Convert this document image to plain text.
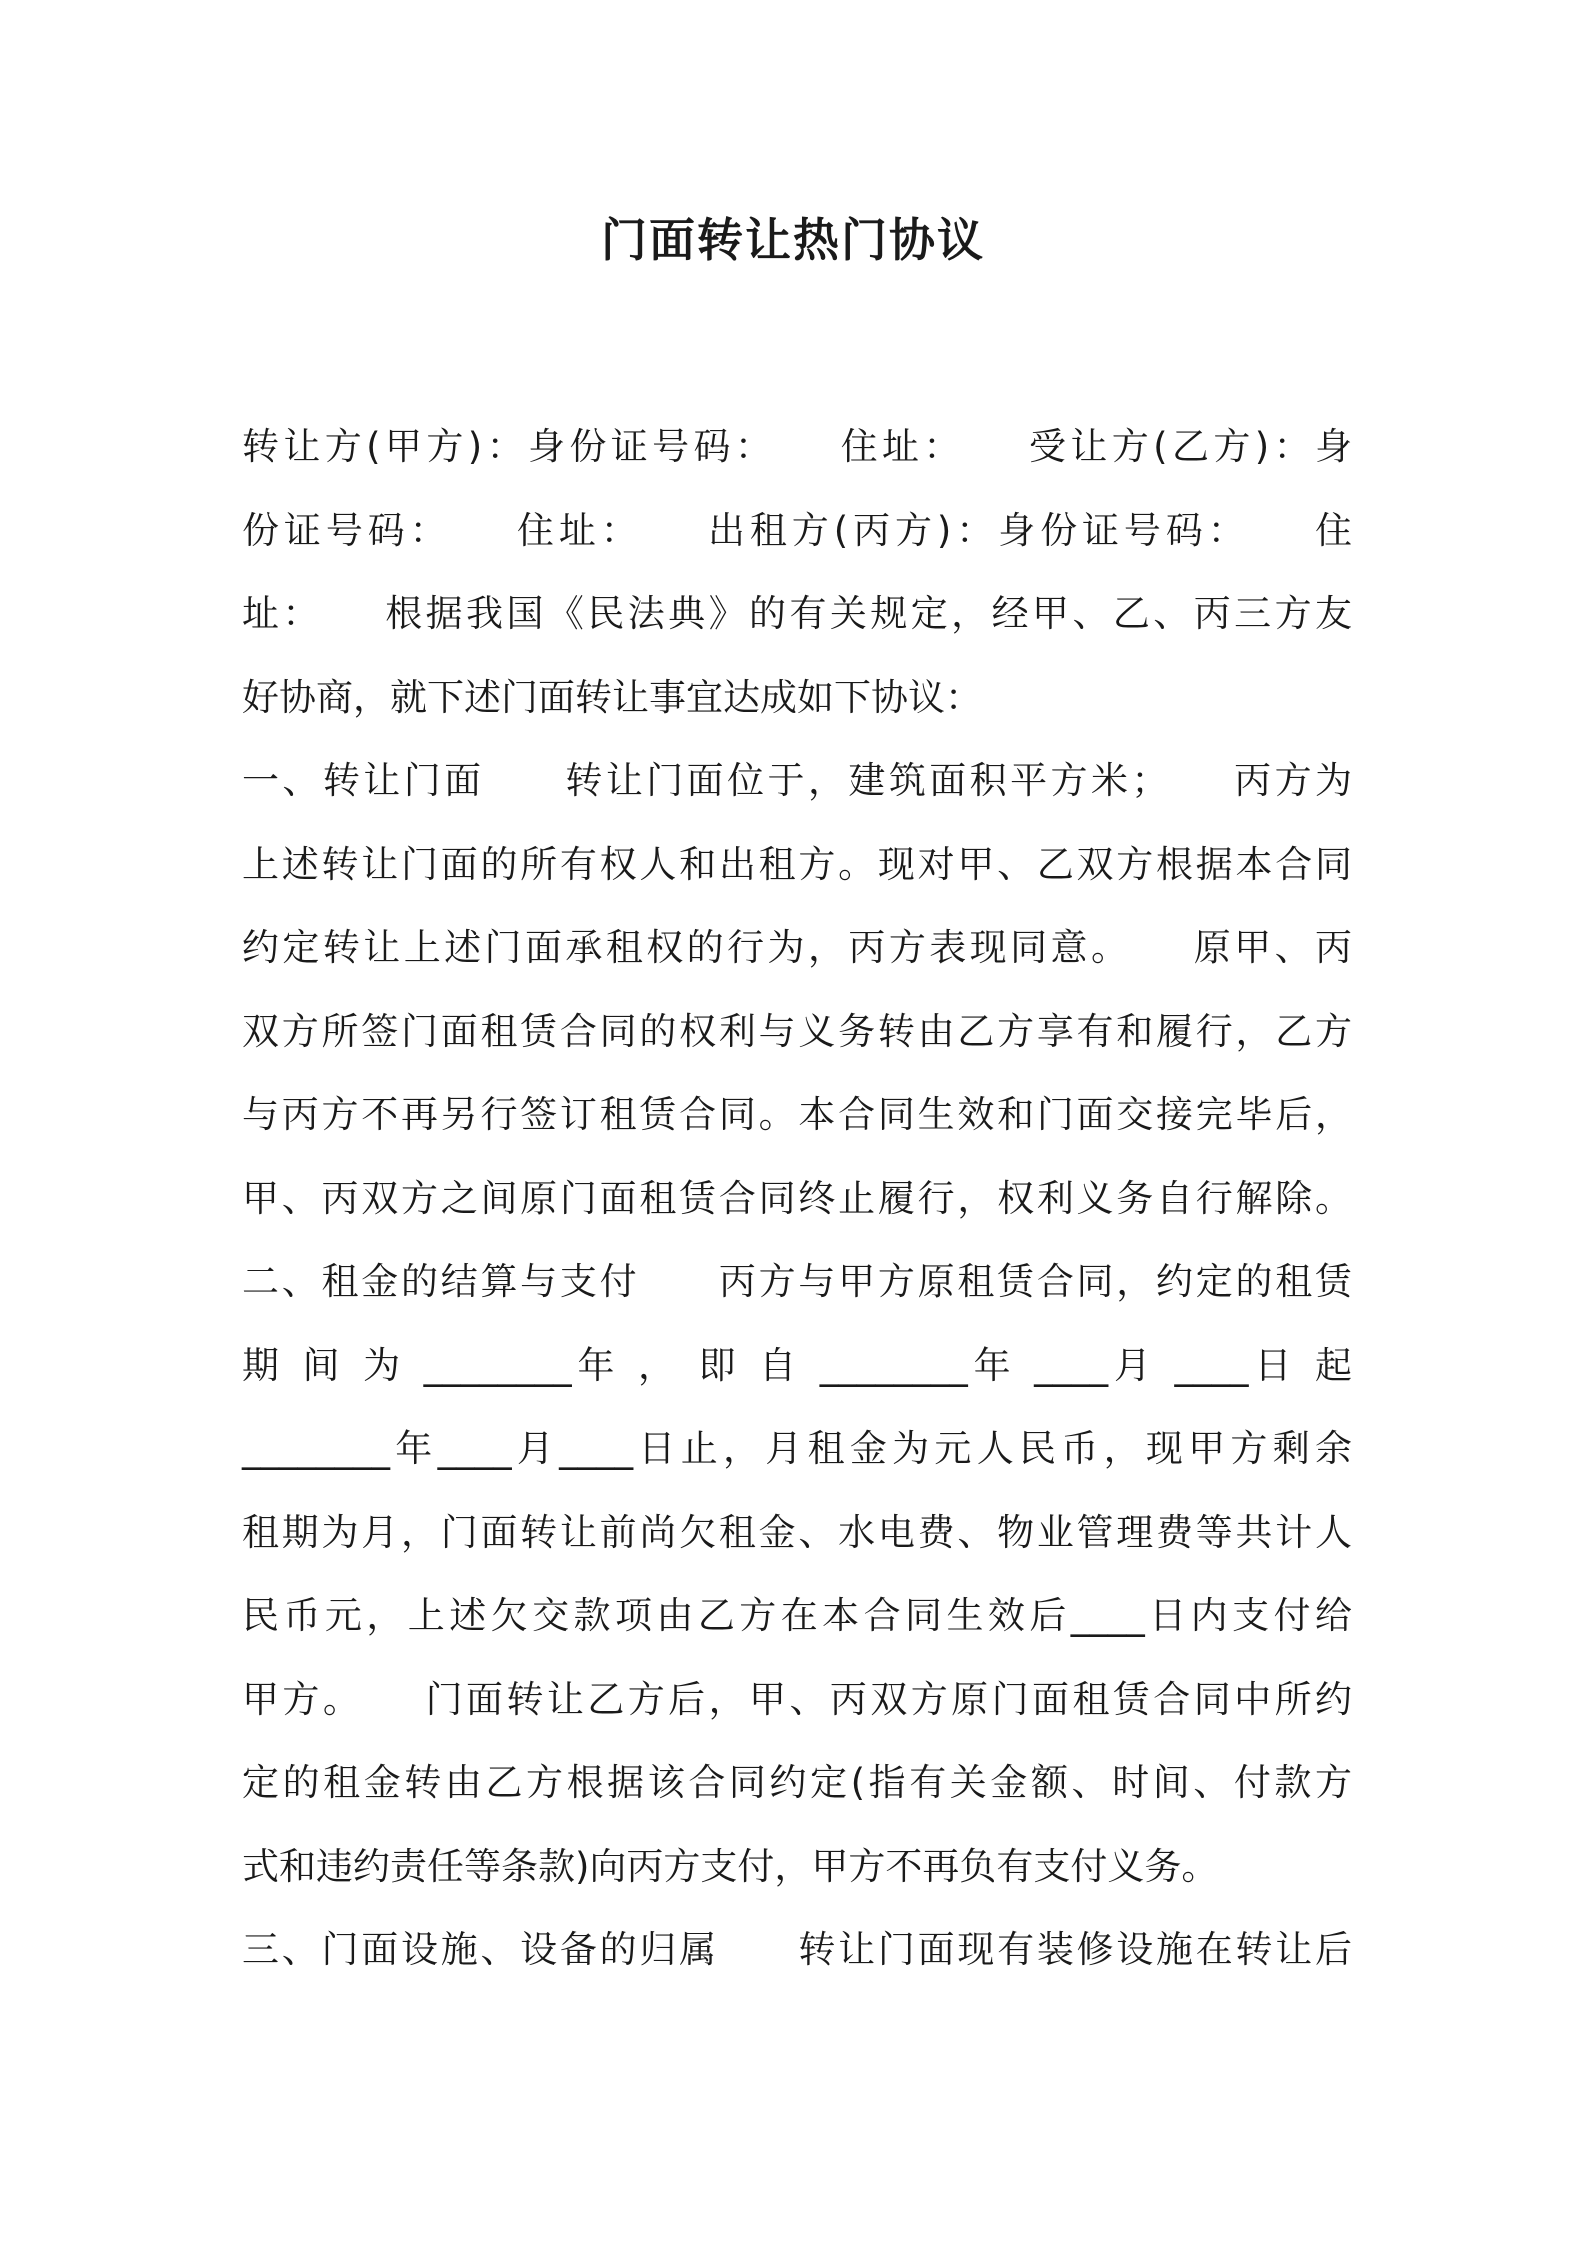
门面转让热门协议
转让方(甲方)：身份证号码：　　住址：　　受让方(乙方)：身
份证号码：　　住址：　　出租方(丙方)：身份证号码：　　住
址：　　根据我国《民法典》的有关规定，经甲、乙、丙三方友
好协商，就下述门面转让事宜达成如下协议：
一、转让门面　　转让门面位于，建筑面积平方米；　　丙方为
上述转让门面的所有权人和出租方。现对甲、乙双方根据本合同
约定转让上述门面承租权的行为，丙方表现同意。　　原甲、丙
双方所签门面租赁合同的权利与义务转由乙方享有和履行，乙方
与丙方不再另行签订租赁合同。本合同生效和门面交接完毕后，
甲、丙双方之间原门面租赁合同终止履行，权利义务自行解除。
二、租金的结算与支付　　丙方与甲方原租赁合同，约定的租赁
期 间 为 ________年 ， 即 自 ________年 ____月 ____日 起
________年____月____日止，月租金为元人民币，现甲方剩余
租期为月，门面转让前尚欠租金、水电费、物业管理费等共计人
民币元，上述欠交款项由乙方在本合同生效后____日内支付给
甲方。　　门面转让乙方后，甲、丙双方原门面租赁合同中所约
定的租金转由乙方根据该合同约定(指有关金额、时间、付款方
式和违约责任等条款)向丙方支付，甲方不再负有支付义务。
三、门面设施、设备的归属　　转让门面现有装修设施在转让后
